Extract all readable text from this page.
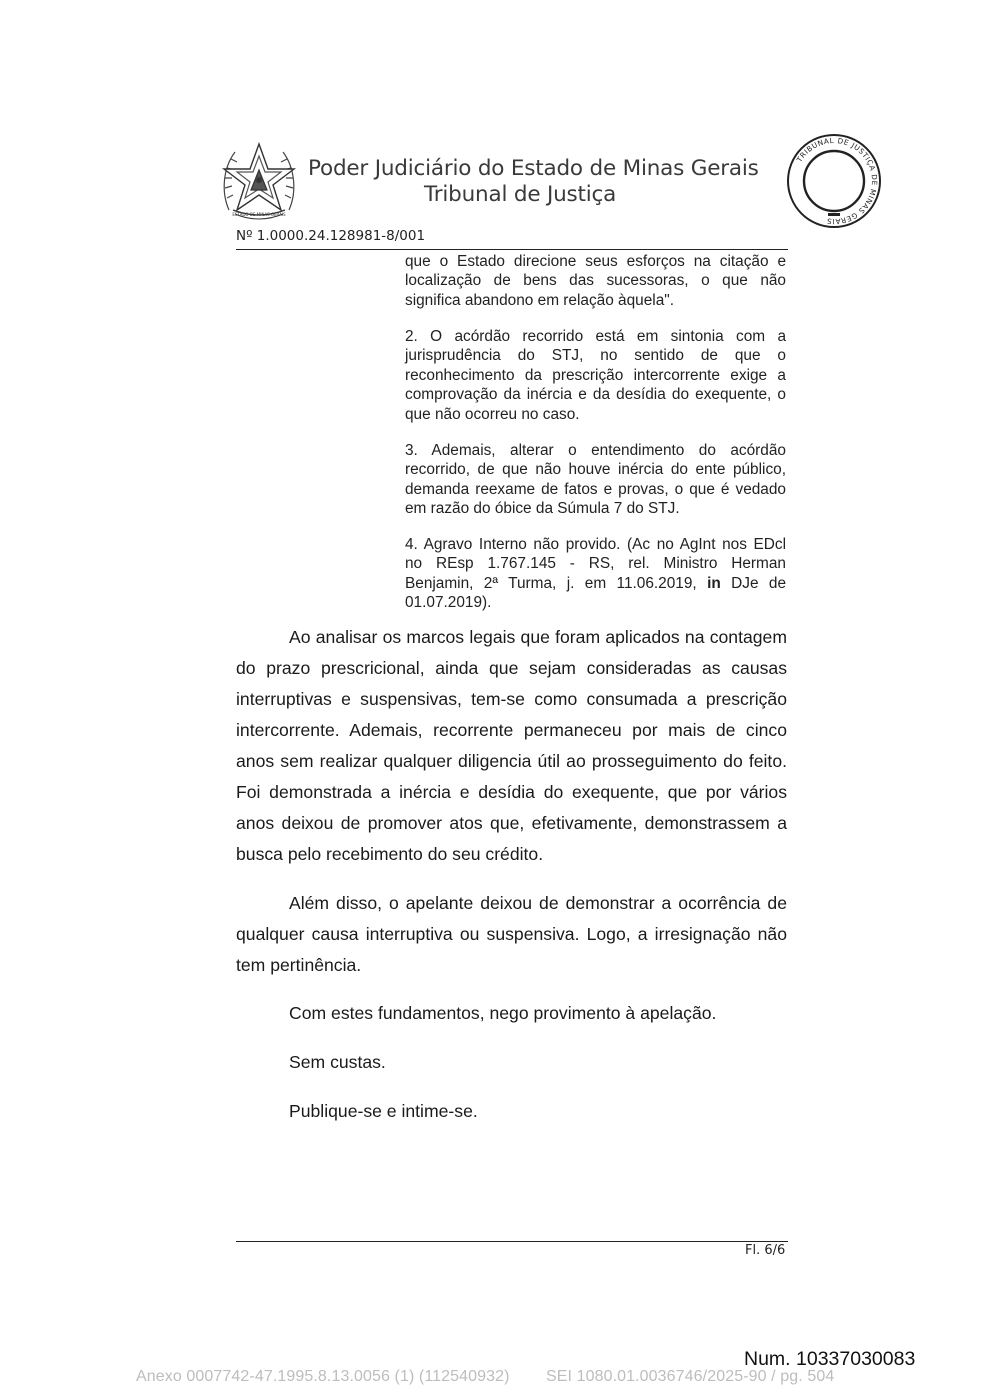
ESTADO DE MINAS GERAIS
Poder Judiciário do Estado de Minas Gerais
Tribunal de Justiça
TRIBUNAL DE JUSTIÇA DE MINAS GERAIS
Nº 1.0000.24.128981-8/001
que o Estado direcione seus esforços na citação e localização de bens das sucessoras, o que não significa abandono em relação àquela".
2. O acórdão recorrido está em sintonia com a jurisprudência do STJ, no sentido de que o reconhecimento da prescrição intercorrente exige a comprovação da inércia e da desídia do exequente, o que não ocorreu no caso.
3. Ademais, alterar o entendimento do acórdão recorrido, de que não houve inércia do ente público, demanda reexame de fatos e provas, o que é vedado em razão do óbice da Súmula 7 do STJ.
4. Agravo Interno não provido. (Ac no AgInt nos EDcl no REsp 1.767.145 - RS, rel. Ministro Herman Benjamin, 2ª Turma, j. em 11.06.2019, in DJe de 01.07.2019).
Ao analisar os marcos legais que foram aplicados na contagem do prazo prescricional, ainda que sejam consideradas as causas interruptivas e suspensivas, tem-se como consumada a prescrição intercorrente. Ademais, recorrente permaneceu por mais de cinco anos sem realizar qualquer diligencia útil ao prosseguimento do feito. Foi demonstrada a inércia e desídia do exequente, que por vários anos deixou de promover atos que, efetivamente, demonstrassem a busca pelo recebimento do seu crédito.
Além disso, o apelante deixou de demonstrar a ocorrência de qualquer causa interruptiva ou suspensiva. Logo, a irresignação não tem pertinência.
Com estes fundamentos, nego provimento à apelação.
Sem custas.
Publique-se e intime-se.
Fl. 6/6
Num. 10337030083
Anexo 0007742-47.1995.8.13.0056 (1) (112540932)        SEI 1080.01.0036746/2025-90 / pg. 504
